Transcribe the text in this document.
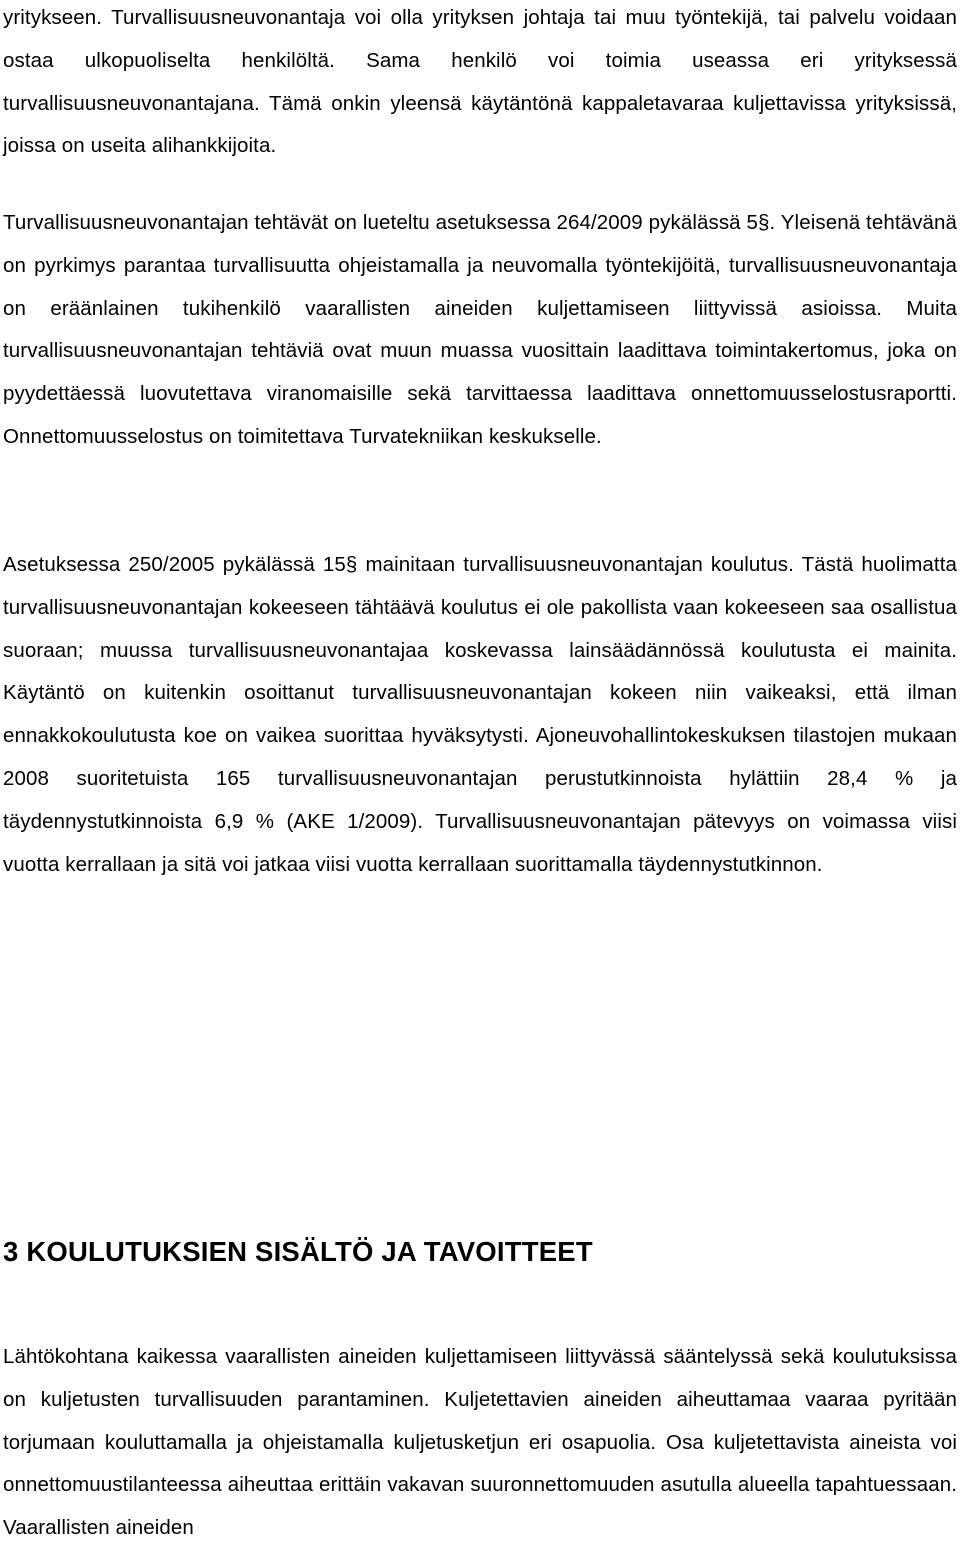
yritykseen. Turvallisuusneuvonantaja voi olla yrityksen johtaja tai muu työntekijä, tai palvelu voidaan ostaa ulkopuoliselta henkilöltä. Sama henkilö voi toimia useassa eri yrityksessä turvallisuusneuvonantajana. Tämä onkin yleensä käytäntönä kappaletavaraa kuljettavissa yrityksissä, joissa on useita alihankkijoita.

Turvallisuusneuvonantajan tehtävät on lueteltu asetuksessa 264/2009 pykälässä 5§. Yleisenä tehtävänä on pyrkimys parantaa turvallisuutta ohjeistamalla ja neuvomalla työntekijöitä, turvallisuusneuvonantaja on eräänlainen tukihenkilö vaarallisten aineiden kuljettamiseen liittyvissä asioissa. Muita turvallisuusneuvonantajan tehtäviä ovat muun muassa vuosittain laadittava toimintakertomus, joka on pyydettäessä luovutettava viranomaisille sekä tarvittaessa laadittava onnettomuusselostusraportti. Onnettomuusselostus on toimitettava Turvatekniikan keskukselle.

Asetuksessa 250/2005 pykälässä 15§ mainitaan turvallisuusneuvonantajan koulutus. Tästä huolimatta turvallisuusneuvonantajan kokeeseen tähtäävä koulutus ei ole pakollista vaan kokeeseen saa osallistua suoraan; muussa turvallisuusneuvonantajaa koskevassa lainsäädännössä koulutusta ei mainita. Käytäntö on kuitenkin osoittanut turvallisuusneuvonantajan kokeen niin vaikeaksi, että ilman ennakkokoulutusta koe on vaikea suorittaa hyväksytysti. Ajoneuvohallintokeskuksen tilastojen mukaan 2008 suoritetuista 165 turvallisuusneuvonantajan perustutkinnoista hylättiin 28,4 % ja täydennystutkinnoista 6,9 % (AKE 1/2009). Turvallisuusneuvonantajan pätevyys on voimassa viisi vuotta kerrallaan ja sitä voi jatkaa viisi vuotta kerrallaan suorittamalla täydennystutkinnon.

3 KOULUTUKSIEN SISÄLTÖ JA TAVOITTEET

Lähtökohtana kaikessa vaarallisten aineiden kuljettamiseen liittyvässä sääntelyssä sekä koulutuksissa on kuljetusten turvallisuuden parantaminen. Kuljetettavien aineiden aiheuttamaa vaaraa pyritään torjumaan kouluttamalla ja ohjeistamalla kuljetusketjun eri osapuolia. Osa kuljetettavista aineista voi onnettomuustilanteessa aiheuttaa erittäin vakavan suuronnettomuuden asutulla alueella tapahtuessaan. Vaarallisten aineiden
